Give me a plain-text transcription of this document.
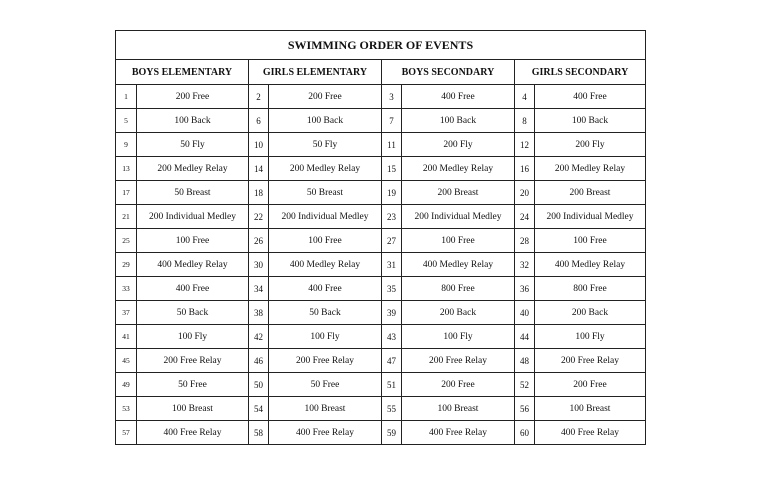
SWIMMING ORDER OF EVENTS							
BOYS ELEMENTARY		GIRLS ELEMENTARY		BOYS SECONDARY		GIRLS SECONDARY	
1	200 Free	2	200 Free	3	400 Free	4	400 Free
5	100 Back	6	100 Back	7	100 Back	8	100 Back
9	50 Fly	10	50 Fly	11	200 Fly	12	200 Fly
13	200 Medley Relay	14	200 Medley Relay	15	200 Medley Relay	16	200 Medley Relay
17	50 Breast	18	50 Breast	19	200 Breast	20	200 Breast
21	200 Individual Medley	22	200 Individual Medley	23	200 Individual Medley	24	200 Individual Medley
25	100 Free	26	100 Free	27	100 Free	28	100 Free
29	400 Medley Relay	30	400 Medley Relay	31	400 Medley Relay	32	400 Medley Relay
33	400 Free	34	400 Free	35	800 Free	36	800 Free
37	50 Back	38	50 Back	39	200 Back	40	200 Back
41	100 Fly	42	100 Fly	43	100 Fly	44	100 Fly
45	200 Free Relay	46	200 Free Relay	47	200 Free Relay	48	200 Free Relay
49	50 Free	50	50 Free	51	200 Free	52	200 Free
53	100 Breast	54	100 Breast	55	100 Breast	56	100 Breast
57	400 Free Relay	58	400 Free Relay	59	400 Free Relay	60	400 Free Relay
